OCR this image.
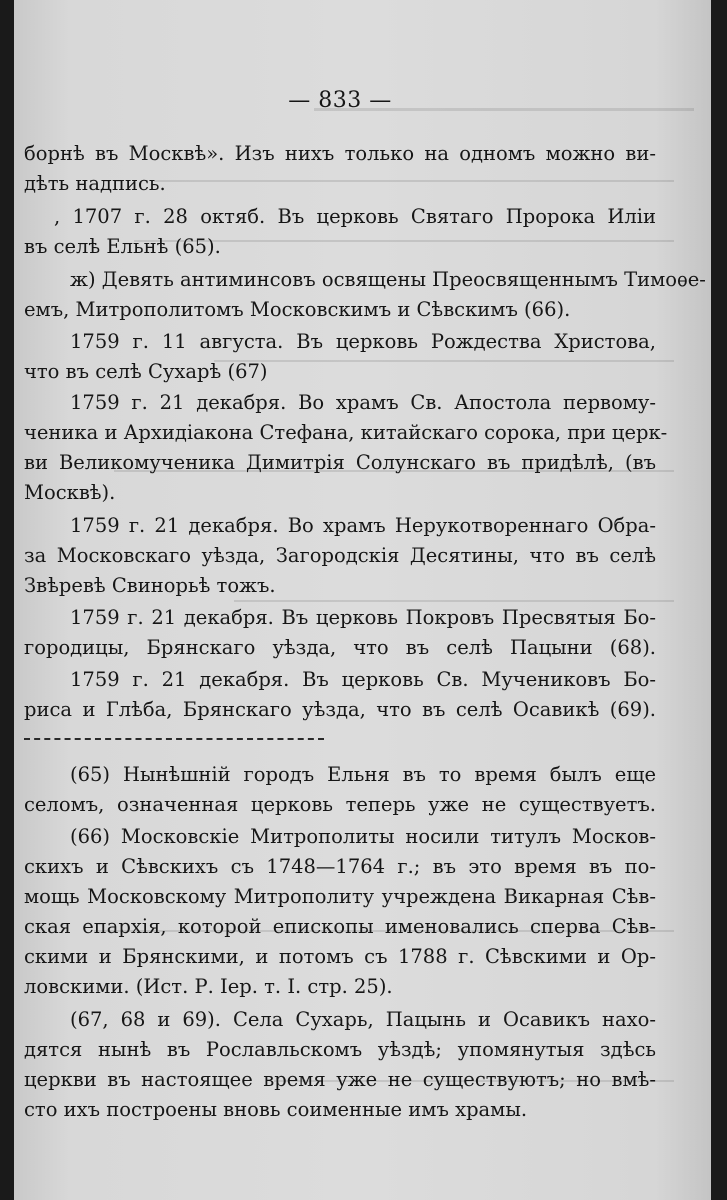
— 833 —
борнѣ въ Москвѣ». Изъ нихъ только на одномъ можно ви-
дѣть надпись.
, 1707 г. 28 октяб. Въ церковь Святаго Пророка Иліи
въ селѣ Ельнѣ (65).
ж) Девять антиминсовъ освящены Преосвященнымъ Тимоѳе-
емъ, Митрополитомъ Московскимъ и Сѣвскимъ (66).
1759 г. 11 августа. Въ церковь Рождества Христова,
что въ селѣ Сухарѣ (67)
1759 г. 21 декабря. Во храмъ Св. Апостола первому-
ченика и Архидіакона Стефана, китайскаго сорока, при церк-
ви Великомученика Димитрія Солунскаго въ придѣлѣ, (въ
Москвѣ).
1759 г. 21 декабря. Во храмъ Нерукотвореннаго Обра-
за Московскаго уѣзда, Загородскія Десятины, что въ селѣ
Звѣревѣ Свинорьѣ тожъ.
1759 г. 21 декабря. Въ церковь Покровъ Пресвятыя Бо-
городицы, Брянскаго уѣзда, что въ селѣ Пацыни (68).
1759 г. 21 декабря. Въ церковь Св. Мучениковъ Бо-
риса и Глѣба, Брянскаго уѣзда, что въ селѣ Осавикѣ (69).
(65) Нынѣшній городъ Ельня въ то время былъ еще
селомъ, означенная церковь теперь уже не существуетъ.
(66) Московскіе Митрополиты носили титулъ Москов-
скихъ и Сѣвскихъ съ 1748—1764 г.; въ это время въ по-
мощь Московскому Митрополиту учреждена Викарная Сѣв-
ская епархія, которой епископы именовались сперва Сѣв-
скими и Брянскими, и потомъ съ 1788 г. Сѣвскими и Ор-
ловскими. (Ист. Р. Іер. т. I. стр. 25).
(67, 68 и 69). Села Сухарь, Пацынь и Осавикъ нахо-
дятся нынѣ въ Рославльскомъ уѣздѣ; упомянутыя здѣсь
церкви въ настоящее время уже не существуютъ; но вмѣ-
сто ихъ построены вновь соименные имъ храмы.
